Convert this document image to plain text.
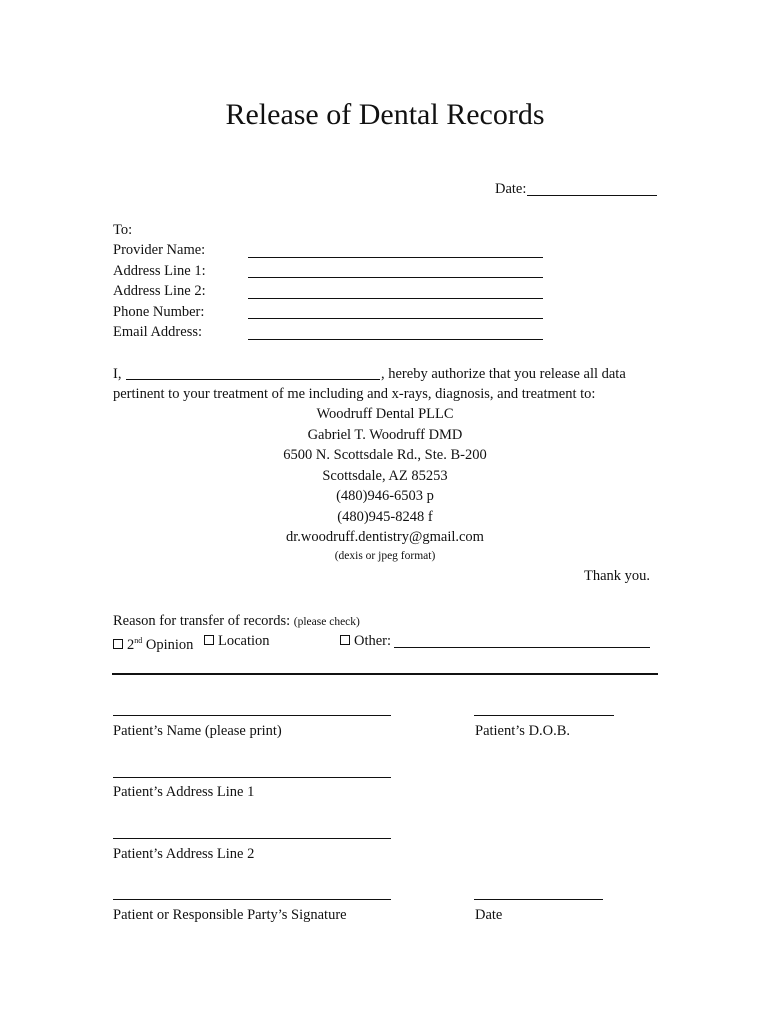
Release of Dental Records
Date:
To:
Provider Name:
Address Line 1:
Address Line 2:
Phone Number:
Email Address:
I,	, hereby authorize that you release all data
pertinent to your treatment of me including and x-rays, diagnosis, and treatment to:
Woodruff Dental PLLC
Gabriel T. Woodruff DMD
6500 N. Scottsdale Rd., Ste. B-200
Scottsdale, AZ 85253
(480)946-6503 p
(480)945-8248 f
dr.woodruff.dentistry@gmail.com
(dexis or jpeg format)
Thank you.
Reason for transfer of records: (please check)
2nd Opinion	Location	Other:
Patient’s Name (please print)	Patient’s D.O.B.
Patient’s Address Line 1
Patient’s Address Line 2
Patient or Responsible Party’s Signature	Date
